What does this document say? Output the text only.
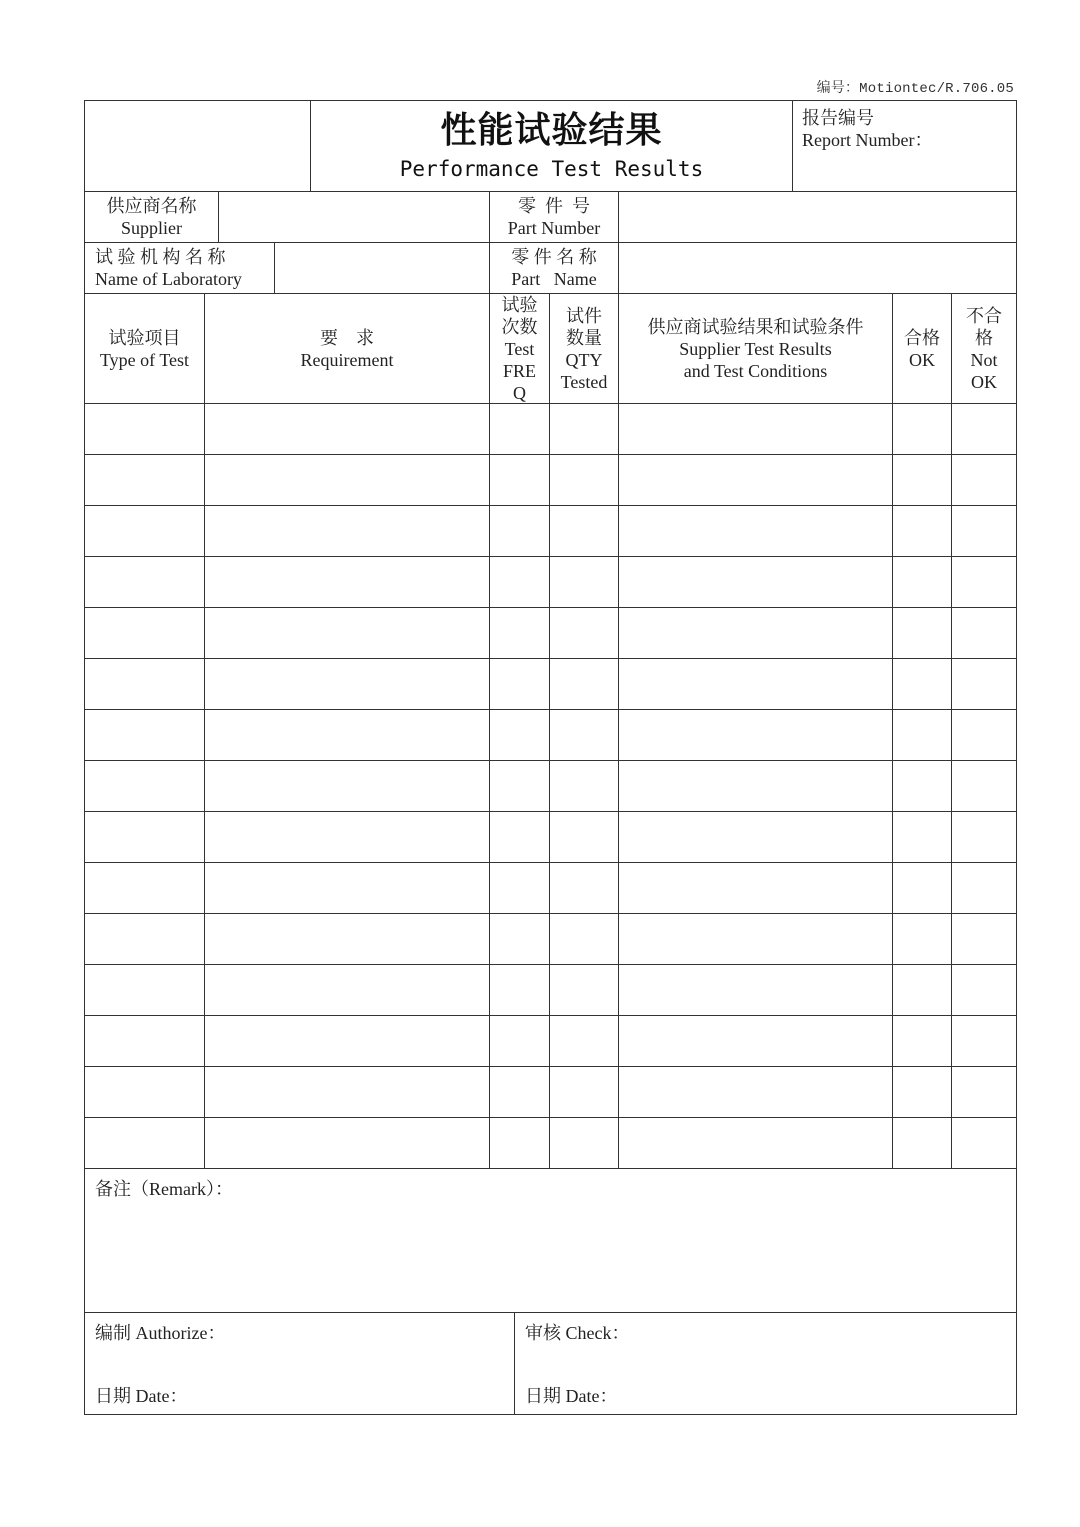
编号：Motiontec/R.706.05
性能试验结果
Performance Test Results
报告编号
Report Number：
供应商名称
Supplier
零  件  号
Part Number
试 验 机 构 名 称
Name of Laboratory
零 件 名 称
Part   Name
试验项目
Type of Test
要    求
Requirement
试验
次数
Test
FRE
Q
试件
数量
QTY
Tested
供应商试验结果和试验条件
Supplier Test Results
and Test Conditions
合格
OK
不合
格
Not
OK
备注（Remark）：
编制 Authorize：
日期 Date：
审核 Check：
日期 Date：
